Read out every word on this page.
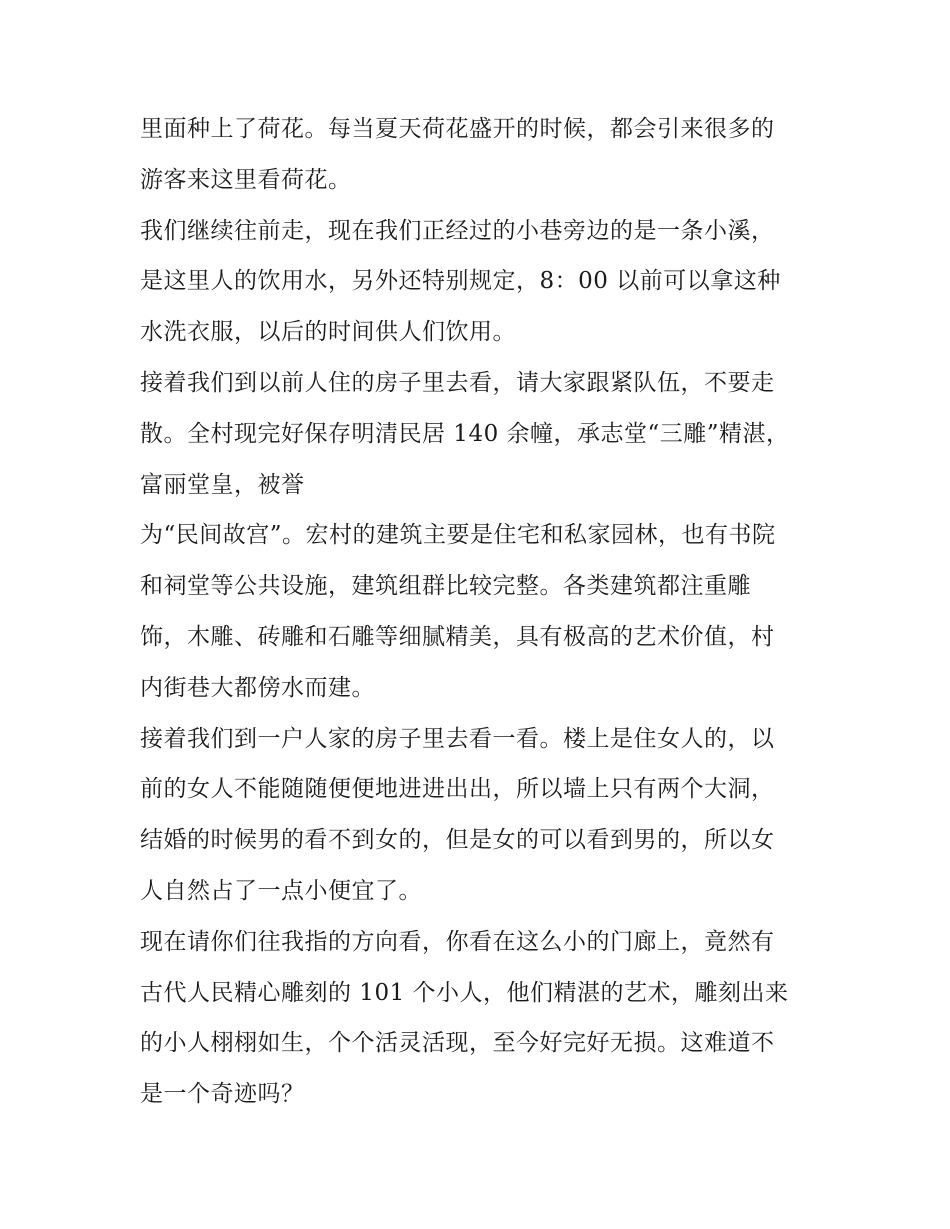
里面种上了荷花。每当夏天荷花盛开的时候，都会引来很多的
游客来这里看荷花。
我们继续往前走，现在我们正经过的小巷旁边的是一条小溪，
是这里人的饮用水，另外还特别规定，8：00 以前可以拿这种
水洗衣服，以后的时间供人们饮用。
接着我们到以前人住的房子里去看，请大家跟紧队伍，不要走
散。全村现完好保存明清民居 140 余幢，承志堂“三雕”精湛，
富丽堂皇，被誉
为“民间故宫”。宏村的建筑主要是住宅和私家园林，也有书院
和祠堂等公共设施，建筑组群比较完整。各类建筑都注重雕
饰，木雕、砖雕和石雕等细腻精美，具有极高的艺术价值，村
内街巷大都傍水而建。
接着我们到一户人家的房子里去看一看。楼上是住女人的，以
前的女人不能随随便便地进进出出，所以墙上只有两个大洞，
结婚的时候男的看不到女的，但是女的可以看到男的，所以女
人自然占了一点小便宜了。
现在请你们往我指的方向看，你看在这么小的门廊上，竟然有
古代人民精心雕刻的 101 个小人，他们精湛的艺术，雕刻出来
的小人栩栩如生，个个活灵活现，至今好完好无损。这难道不
是一个奇迹吗？
